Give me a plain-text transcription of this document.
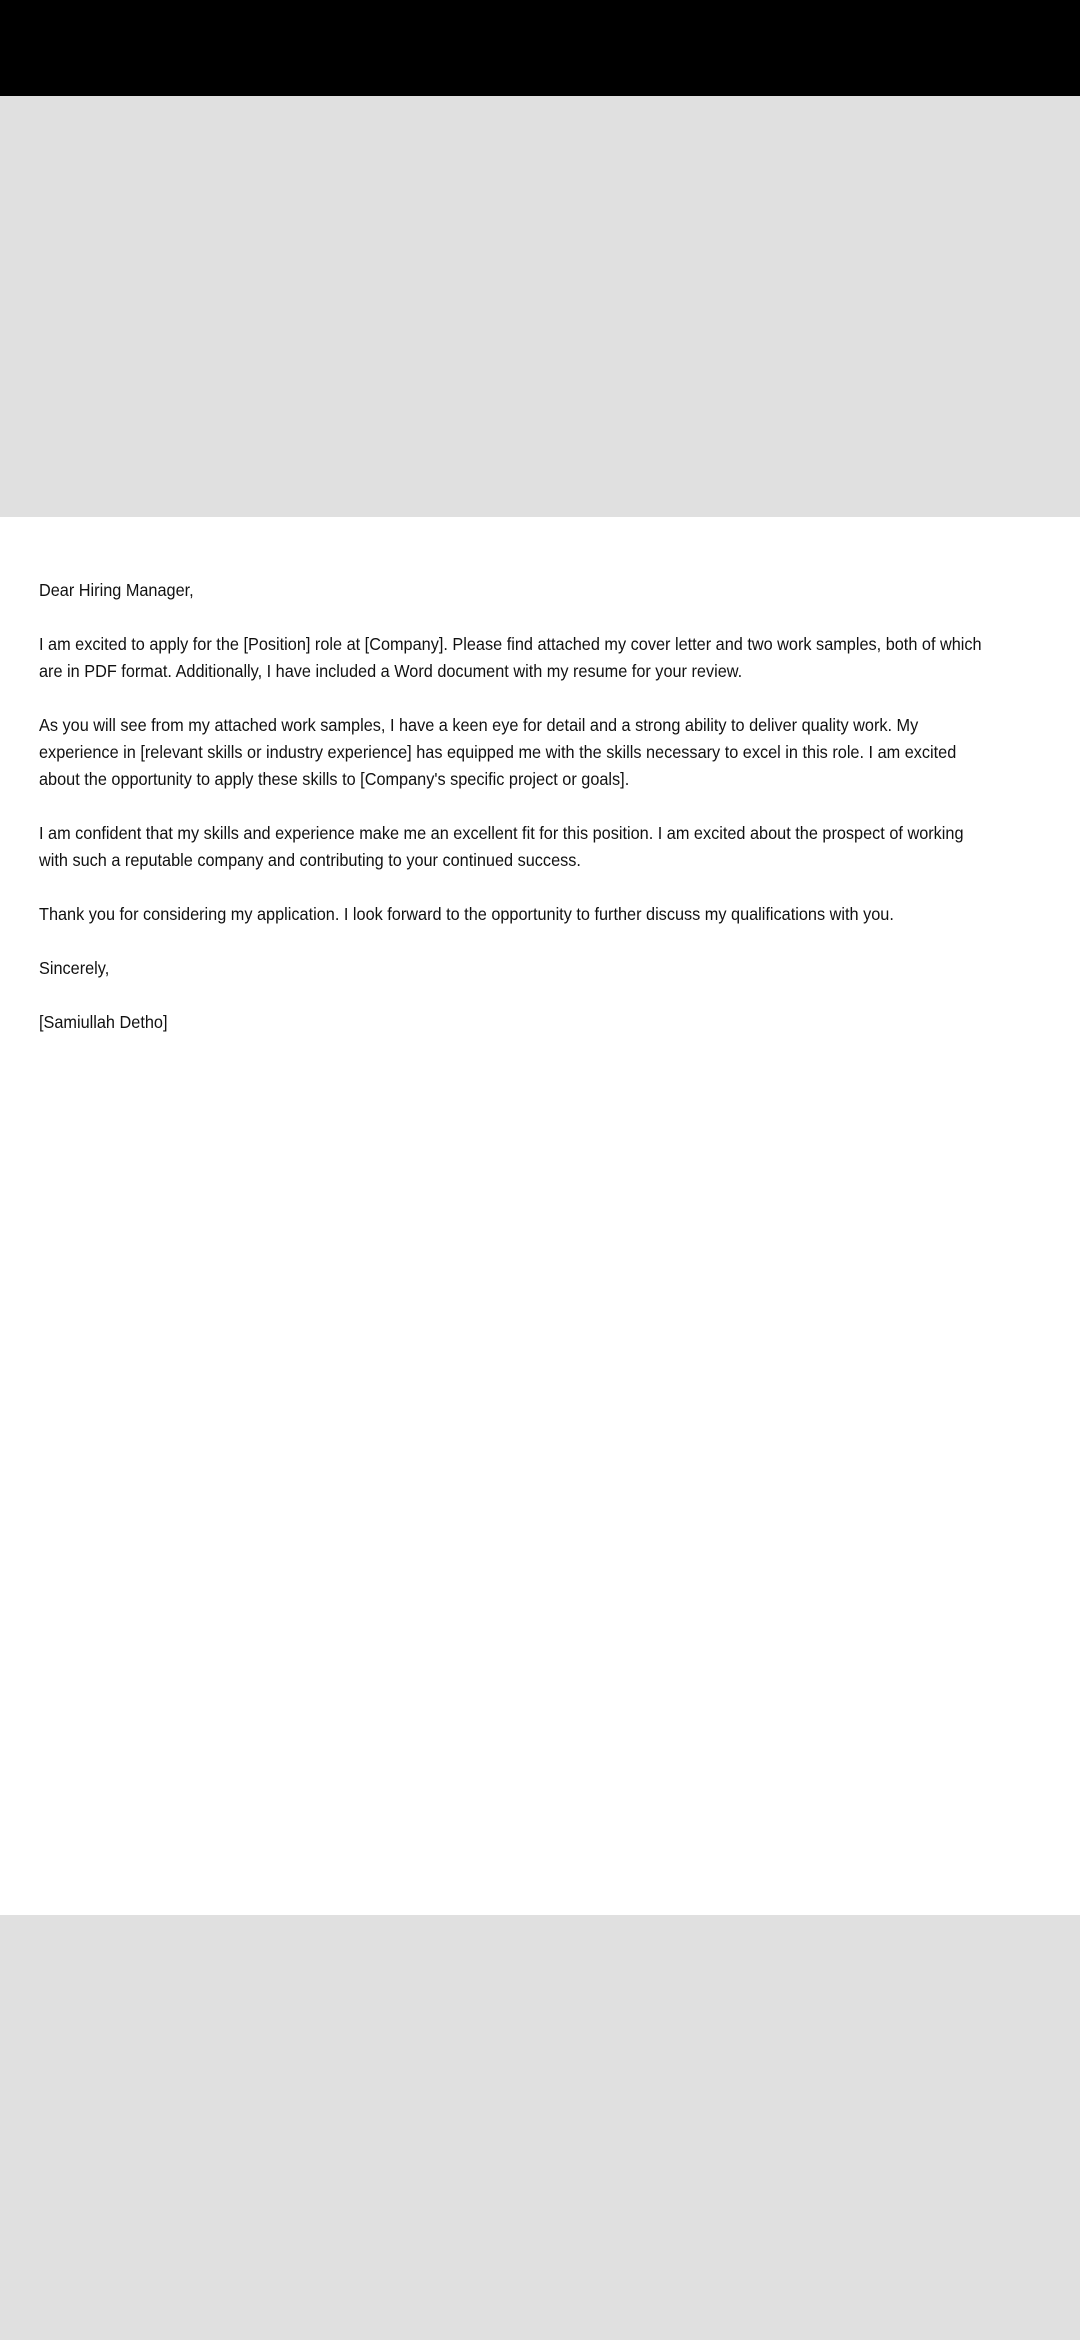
Dear Hiring Manager,

I am excited to apply for the [Position] role at [Company]. Please find attached my cover letter and two work samples, both of which are in PDF format. Additionally, I have included a Word document with my resume for your review.

As you will see from my attached work samples, I have a keen eye for detail and a strong ability to deliver quality work. My experience in [relevant skills or industry experience] has equipped me with the skills necessary to excel in this role. I am excited about the opportunity to apply these skills to [Company's specific project or goals].

I am confident that my skills and experience make me an excellent fit for this position. I am excited about the prospect of working with such a reputable company and contributing to your continued success.

Thank you for considering my application. I look forward to the opportunity to further discuss my qualifications with you.

Sincerely,

[Samiullah Detho]
